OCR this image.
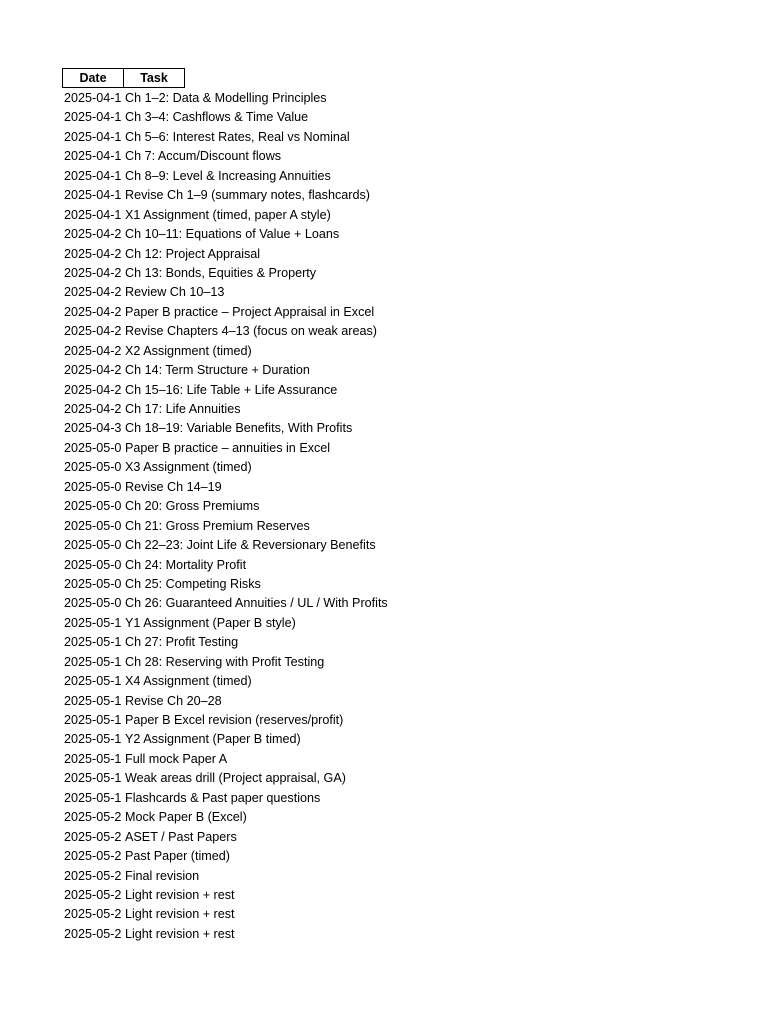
Date	Task
2025-04-1 Ch 1–2: Data & Modelling Principles
2025-04-1 Ch 3–4: Cashflows & Time Value
2025-04-1 Ch 5–6: Interest Rates, Real vs Nominal
2025-04-1 Ch 7: Accum/Discount flows
2025-04-1 Ch 8–9: Level & Increasing Annuities
2025-04-1 Revise Ch 1–9 (summary notes, flashcards)
2025-04-1 X1 Assignment (timed, paper A style)
2025-04-2 Ch 10–11: Equations of Value + Loans
2025-04-2 Ch 12: Project Appraisal
2025-04-2 Ch 13: Bonds, Equities & Property
2025-04-2 Review Ch 10–13
2025-04-2 Paper B practice – Project Appraisal in Excel
2025-04-2 Revise Chapters 4–13 (focus on weak areas)
2025-04-2 X2 Assignment (timed)
2025-04-2 Ch 14: Term Structure + Duration
2025-04-2 Ch 15–16: Life Table + Life Assurance
2025-04-2 Ch 17: Life Annuities
2025-04-3 Ch 18–19: Variable Benefits, With Profits
2025-05-0 Paper B practice – annuities in Excel
2025-05-0 X3 Assignment (timed)
2025-05-0 Revise Ch 14–19
2025-05-0 Ch 20: Gross Premiums
2025-05-0 Ch 21: Gross Premium Reserves
2025-05-0 Ch 22–23: Joint Life & Reversionary Benefits
2025-05-0 Ch 24: Mortality Profit
2025-05-0 Ch 25: Competing Risks
2025-05-0 Ch 26: Guaranteed Annuities / UL / With Profits
2025-05-1 Y1 Assignment (Paper B style)
2025-05-1 Ch 27: Profit Testing
2025-05-1 Ch 28: Reserving with Profit Testing
2025-05-1 X4 Assignment (timed)
2025-05-1 Revise Ch 20–28
2025-05-1 Paper B Excel revision (reserves/profit)
2025-05-1 Y2 Assignment (Paper B timed)
2025-05-1 Full mock Paper A
2025-05-1 Weak areas drill (Project appraisal, GA)
2025-05-1 Flashcards & Past paper questions
2025-05-2 Mock Paper B (Excel)
2025-05-2 ASET / Past Papers
2025-05-2 Past Paper (timed)
2025-05-2 Final revision
2025-05-2 Light revision + rest
2025-05-2 Light revision + rest
2025-05-2 Light revision + rest
